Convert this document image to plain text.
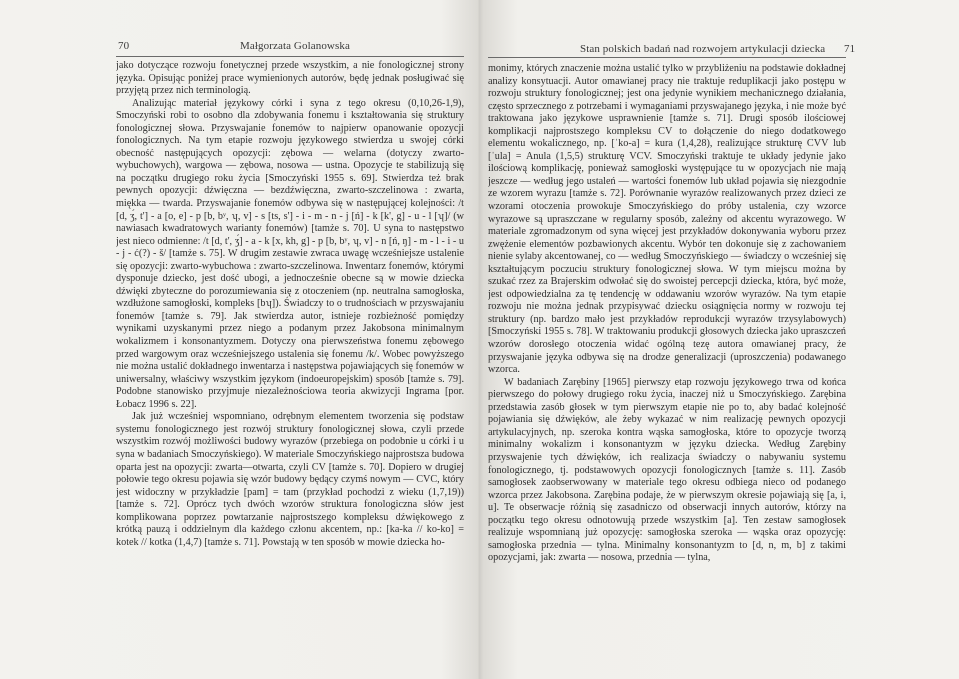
70	Małgorzata Golanowska

jako dotyczące rozwoju fonetycznej przede wszystkim, a nie fonologicznej strony języka. Opisując poniżej prace wymienionych autorów, będę jednak posługiwać się przyjętą przez nich terminologią.

Analizując materiał językowy córki i syna z tego okresu (0,10,26-1,9), Smoczyński robi to osobno dla zdobywania fonemu i kształtowania się struktury fonologicznej słowa. Przyswajanie fonemów to najpierw opanowanie opozycji fonologicznych. Na tym etapie rozwoju językowego stwierdza u swojej córki obecność następujących opozycji: zębowa — welarna (dotyczy zwarto-wybuchowych), wargowa — zębowa, nosowa — ustna. Opozycje te stabilizują się na początku drugiego roku życia [Smoczyński 1955 s. 69]. Stwierdza też brak pewnych opozycji: dźwięczna — bezdźwięczna, zwarto-szczelinowa : zwarta, miękka — twarda. Przyswajanie fonemów odbywa się w następującej kolejności: /t [d, ʒ́, t'] - a [o, e] - p [b, bʸ, ʮ, v] - s [ts, s'] - i - m - n - j [ń] - k [k', g] - u - l [ʮ]/ (w nawiasach kwadratowych warianty fonemów) [tamże s. 70]. U syna to następstwo jest nieco odmienne: /t [d, t', ʒ́] - a - k [x, kh, g] - p [b, bʸ, ʮ, v] - n [ń, ŋ] - m - l - i - u - j - ć(?) - š/ [tamże s. 75]. W drugim zestawie zwraca uwagę wcześniejsze ustalenie się opozycji: zwarto-wybuchowa : zwarto-szczelinowa. Inwentarz fonemów, którymi dysponuje dziecko, jest dość ubogi, a jednocześnie obecne są w mowie dziecka dźwięki zbyteczne do porozumiewania się z otoczeniem (np. neutralna samogłoska, wzdłużone samogłoski, kompleks [bʮ]). Świadczy to o trudnościach w przyswajaniu fonemów [tamże s. 79]. Jak stwierdza autor, istnieje rozbieżność pomiędzy wynikami uzyskanymi przez niego a podanym przez Jakobsona minimalnym wokalizmem i konsonantyzmem. Dotyczy ona pierwszeństwa fonemu zębowego przed wargowym oraz wcześniejszego ustalenia się fonemu /k/. Wobec powyższego nie można ustalić dokładnego inwentarza i następstwa pojawiających się fonemów w uniwersalny, właściwy wszystkim językom (indoeuropejskim) sposób [tamże s. 79]. Podobne stanowisko przyjmuje niezależnościowa teoria akwizycji Ingrama [por. Łobacz 1996 s. 22].

Jak już wcześniej wspomniano, odrębnym elementem tworzenia się podstaw systemu fonologicznego jest rozwój struktury fonologicznej słowa, czyli przede wszystkim rozwój możliwości budowy wyrazów (przebiega on podobnie u córki i u syna w badaniach Smoczyńskiego). W materiale Smoczyńskiego najprostsza budowa oparta jest na opozycji: zwarta—otwarta, czyli CV [tamże s. 70]. Dopiero w drugiej połowie tego okresu pojawia się wzór budowy będący czymś nowym — CVC, który jest widoczny w przykładzie [pam] = tam (przykład pochodzi z wieku (1,7,19)) [tamże s. 72]. Oprócz tych dwóch wzorów struktura fonologiczna słów jest komplikowana poprzez powtarzanie najprostszego kompleksu dźwiękowego z krótką pauzą i oddzielnym dla każdego członu akcentem, np.: [ka-ka // ko-ko] = kotek // kotka (1,4,7) [tamże s. 71]. Powstają w ten sposób w mowie dziecka ho-

Stan polskich badań nad rozwojem artykulacji dziecka 71

monimy, których znaczenie można ustalić tylko w przybliżeniu na podstawie dokładnej analizy konsytuacji. Autor omawianej pracy nie traktuje reduplikacji jako postępu w rozwoju struktury fonologicznej; jest ona jedynie wynikiem mechanicznego działania, często sprzecznego z potrzebami i wymaganiami przyswajanego języka, i nie może być traktowana jako językowe usprawnienie [tamże s. 71]. Drugi sposób ilościowej komplikacji najprostszego kompleksu CV to dołączenie do niego dodatkowego elementu wokalicznego, np. [ˈko-a] = kura (1,4,28), realizujące strukturę CVV lub [ˈula] = Anula (1,5,5) strukturę VCV. Smoczyński traktuje te układy jedynie jako ilościową komplikację, ponieważ samogłoski występujące tu w opozycjach nie mają jeszcze — według jego ustaleń — wartości fonemów lub układ pojawia się niezgodnie ze wzorem wyrazu [tamże s. 72]. Porównanie wyrazów realizowanych przez dzieci ze wzorami otoczenia prowokuje Smoczyńskiego do próby ustalenia, czy wzorce wyrazowe są upraszczane w regularny sposób, zależny od akcentu wyrazowego. W materiale zgromadzonym od syna więcej jest przykładów dokonywania wyboru przez zwężenie elementów pozbawionych akcentu. Wybór ten dokonuje się z zachowaniem nienie sylaby akcentowanej, co — według Smoczyńskiego — świadczy o wcześniej się kształtującym poczuciu struktury fonologicznej słowa. W tym miejscu można by szukać rzez za Brajerskim odwołać się do swoistej percepcji dziecka, która, być może, jest odpowiedzialna za tę tendencję w oddawaniu wzorów wyrazów. Na tym etapie rozwoju nie można jednak przypisywać dziecku osiągnięcia normy w rozwoju tej struktury (np. bardzo mało jest przykładów reprodukcji wyrazów trzysylabowych) [Smoczyński 1955 s. 78]. W traktowaniu produkcji głosowych dziecka jako upraszczeń wzorów dorosłego otoczenia widać ogólną tezę autora omawianej pracy, że przyswajanie języka odbywa się na drodze generalizacji (uproszczenia) podawanego wzorca.

W badaniach Zarębiny [1965] pierwszy etap rozwoju językowego trwa od końca pierwszego do połowy drugiego roku życia, inaczej niż u Smoczyńskiego. Zarębina przedstawia zasób głosek w tym pierwszym etapie nie po to, aby badać kolejność pojawiania się dźwięków, ale żeby wykazać w nim realizację pewnych opozycji artykulacyjnych, np. szeroka kontra wąska samogłoska, które to opozycje tworzą minimalny wokalizm i konsonantyzm w języku dziecka. Według Zarębiny przyswajenie tych dźwięków, ich realizacja świadczy o nabywaniu systemu fonologicznego, tj. podstawowych opozycji fonologicznych [tamże s. 11]. Zasób samogłosek zaobserwowany w materiale tego okresu odbiega nieco od podanego wzorca przez Jakobsona. Zarębina podaje, że w pierwszym okresie pojawiają się [a, i, u]. Te obserwacje różnią się zasadniczo od obserwacji innych autorów, którzy na początku tego okresu odnotowują przede wszystkim [a]. Ten zestaw samogłosek realizuje wspomnianą już opozycję: samogłoska szeroka — wąska oraz opozycję: samogłoska przednia — tylna. Minimalny konsonantyzm to [d, n, m, b] z takimi opozycjami, jak: zwarta — nosowa, przednia — tylna,
